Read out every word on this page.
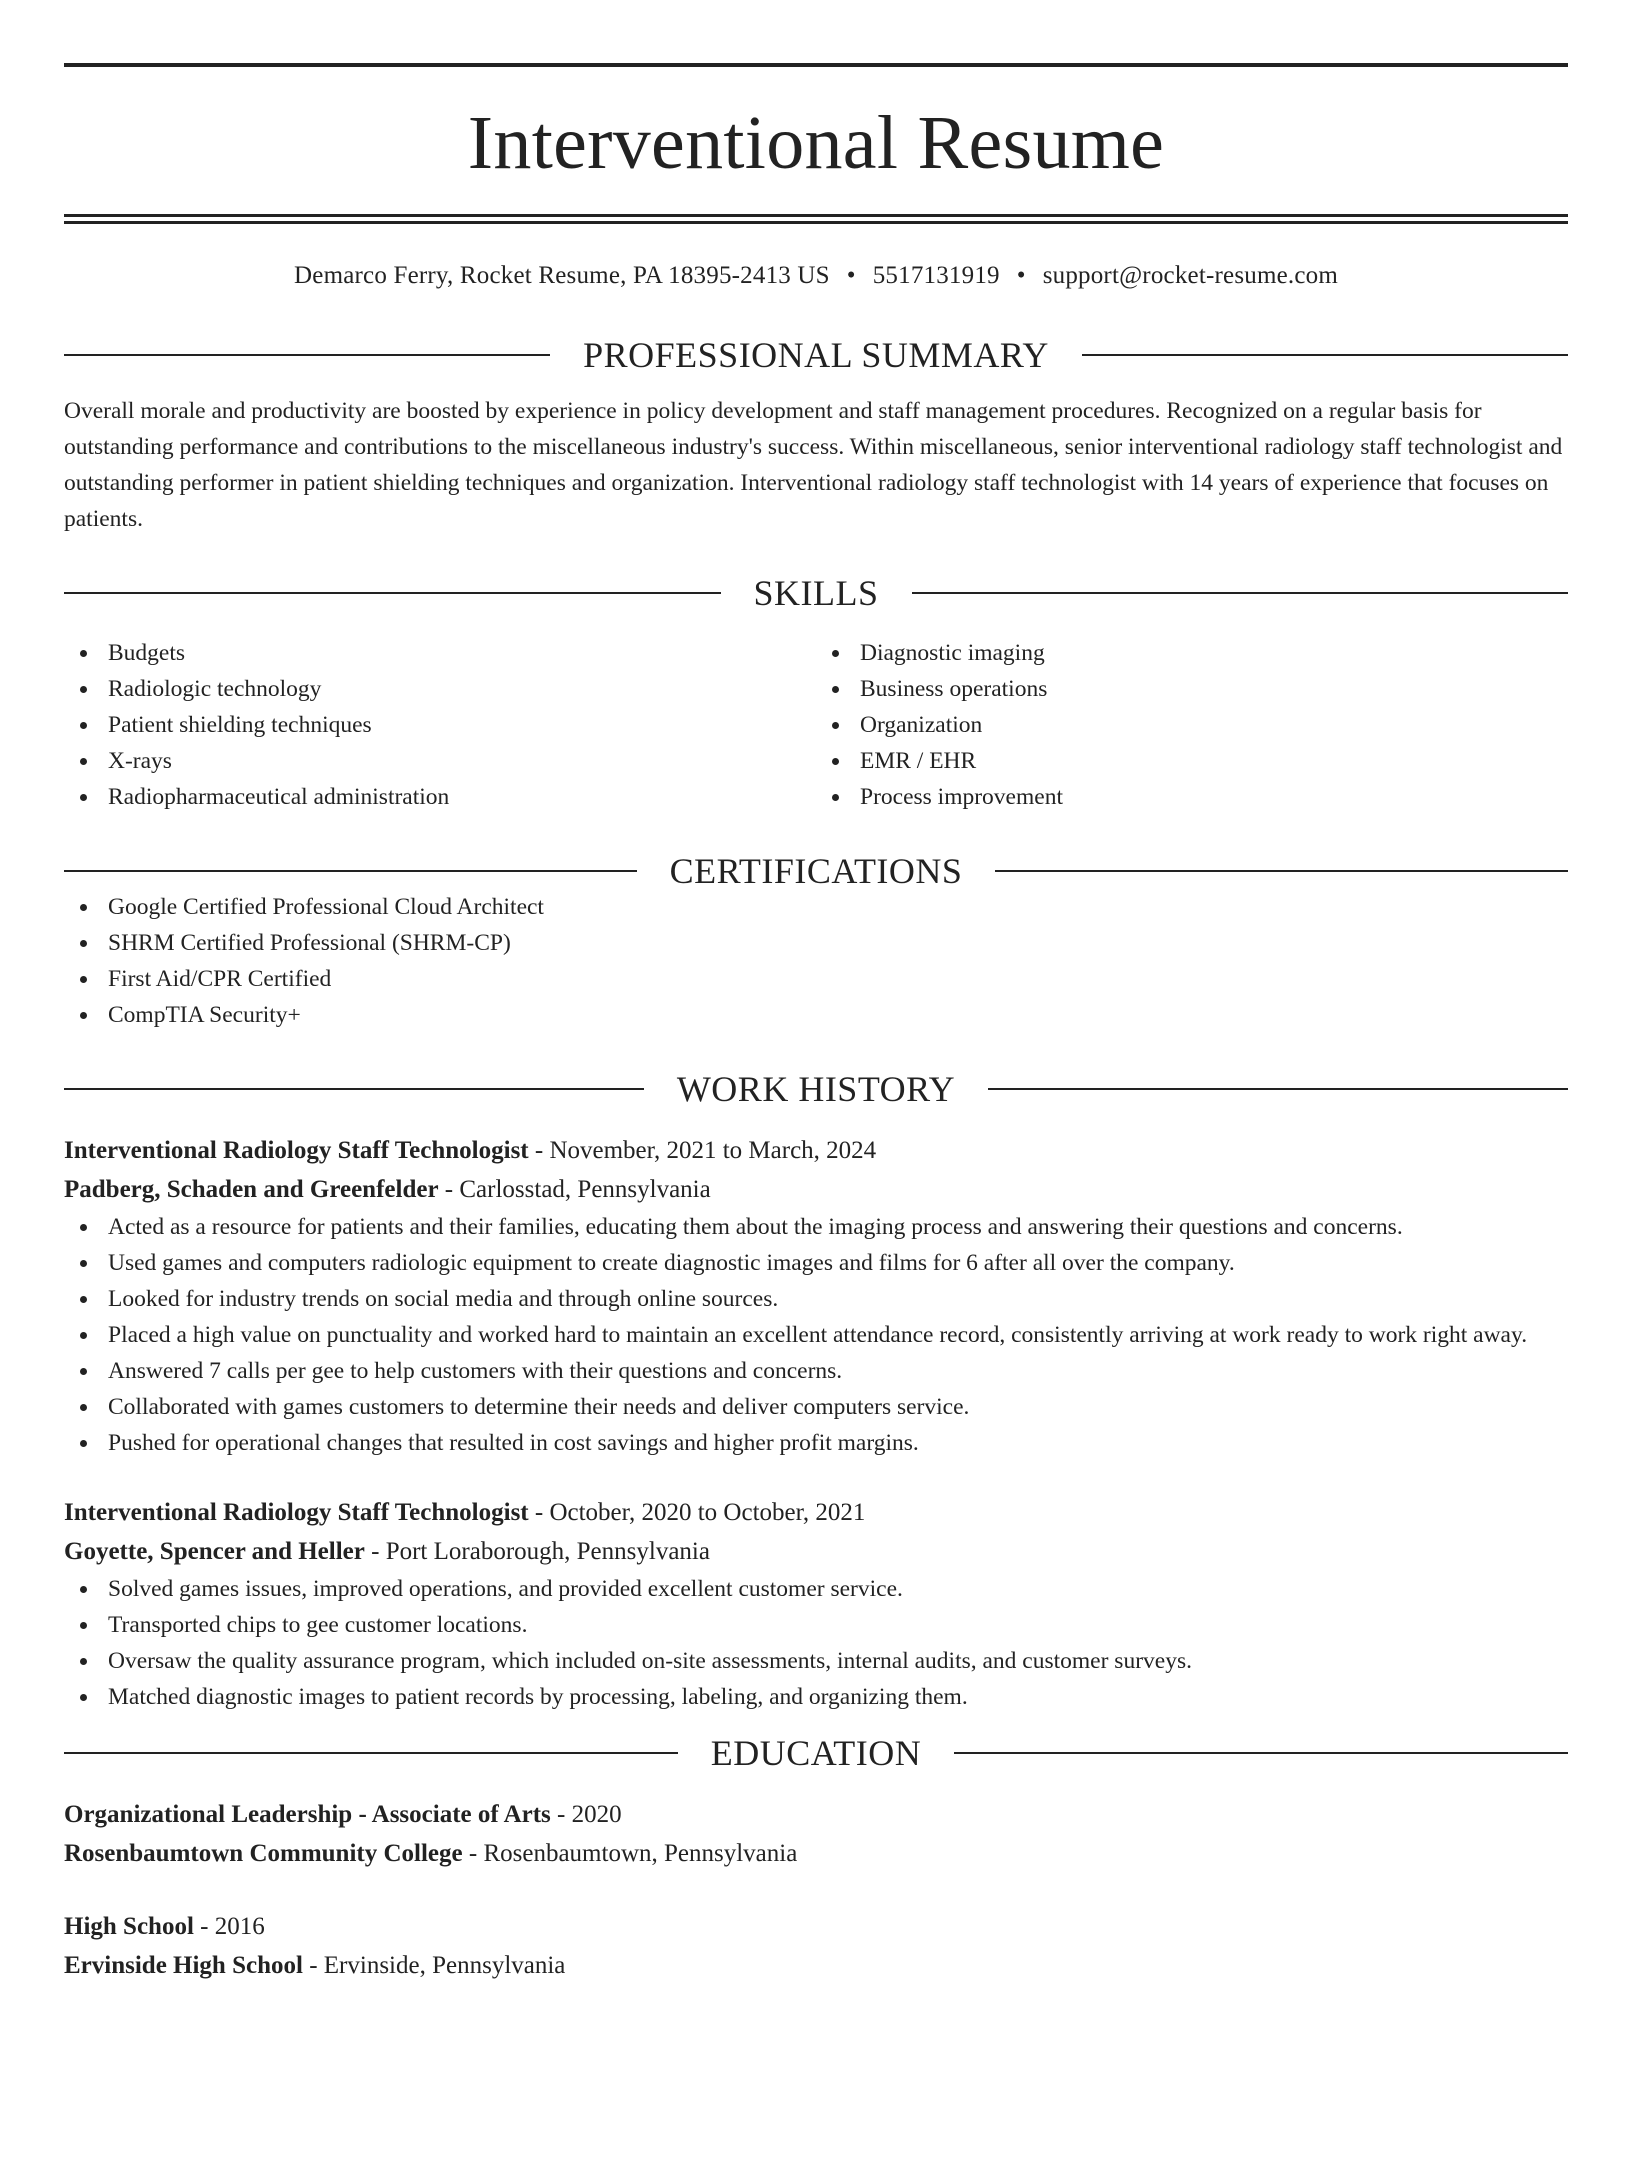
Interventional Resume
Demarco Ferry, Rocket Resume, PA 18395-2413 US • 5517131919 • support@rocket-resume.com
PROFESSIONAL SUMMARY

Overall morale and productivity are boosted by experience in policy development and staff management procedures. Recognized on a regular basis for outstanding performance and contributions to the miscellaneous industry's success. Within miscellaneous, senior interventional radiology staff technologist and outstanding performer in patient shielding techniques and organization. Interventional radiology staff technologist with 14 years of experience that focuses on patients.

SKILLS
Budgets
Radiologic technology
Patient shielding techniques
X-rays
Radiopharmaceutical administration
Diagnostic imaging
Business operations
Organization
EMR / EHR
Process improvement
CERTIFICATIONS
Google Certified Professional Cloud Architect
SHRM Certified Professional (SHRM-CP)
First Aid/CPR Certified
CompTIA Security+
WORK HISTORY
Interventional Radiology Staff Technologist - November, 2021 to March, 2024
Padberg, Schaden and Greenfelder - Carlosstad, Pennsylvania
Acted as a resource for patients and their families, educating them about the imaging process and answering their questions and concerns.
Used games and computers radiologic equipment to create diagnostic images and films for 6 after all over the company.
Looked for industry trends on social media and through online sources.
Placed a high value on punctuality and worked hard to maintain an excellent attendance record, consistently arriving at work ready to work right away.
Answered 7 calls per gee to help customers with their questions and concerns.
Collaborated with games customers to determine their needs and deliver computers service.
Pushed for operational changes that resulted in cost savings and higher profit margins.
Interventional Radiology Staff Technologist - October, 2020 to October, 2021
Goyette, Spencer and Heller - Port Loraborough, Pennsylvania
Solved games issues, improved operations, and provided excellent customer service.
Transported chips to gee customer locations.
Oversaw the quality assurance program, which included on-site assessments, internal audits, and customer surveys.
Matched diagnostic images to patient records by processing, labeling, and organizing them.
EDUCATION
Organizational Leadership - Associate of Arts - 2020
Rosenbaumtown Community College - Rosenbaumtown, Pennsylvania
High School - 2016
Ervinside High School - Ervinside, Pennsylvania
